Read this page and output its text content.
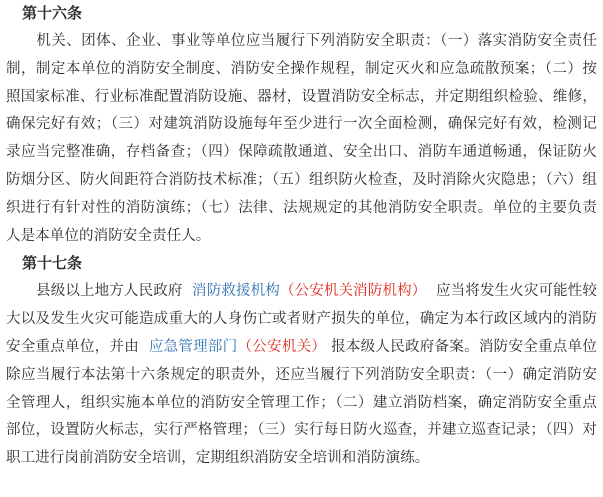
第十六条

机关、团体、企业、事业等单位应当履行下列消防安全职责：（一）落实消防安全责任制，制定本单位的消防安全制度、消防安全操作规程，制定灭火和应急疏散预案；（二）按照国家标准、行业标准配置消防设施、器材，设置消防安全标志，并定期组织检验、维修，确保完好有效；（三）对建筑消防设施每年至少进行一次全面检测，确保完好有效，检测记录应当完整准确，存档备查；（四）保障疏散通道、安全出口、消防车通道畅通，保证防火防烟分区、防火间距符合消防技术标准；（五）组织防火检查，及时消除火灾隐患；（六）组织进行有针对性的消防演练；（七）法律、法规规定的其他消防安全职责。单位的主要负责人是本单位的消防安全责任人。

第十七条

县级以上地方人民政府 消防救援机构（公安机关消防机构） 应当将发生火灾可能性较大以及发生火灾可能造成重大的人身伤亡或者财产损失的单位，确定为本行政区域内的消防安全重点单位，并由 应急管理部门（公安机关） 报本级人民政府备案。消防安全重点单位除应当履行本法第十六条规定的职责外，还应当履行下列消防安全职责：（一）确定消防安全管理人，组织实施本单位的消防安全管理工作；（二）建立消防档案，确定消防安全重点部位，设置防火标志，实行严格管理；（三）实行每日防火巡查，并建立巡查记录；（四）对职工进行岗前消防安全培训，定期组织消防安全培训和消防演练。
